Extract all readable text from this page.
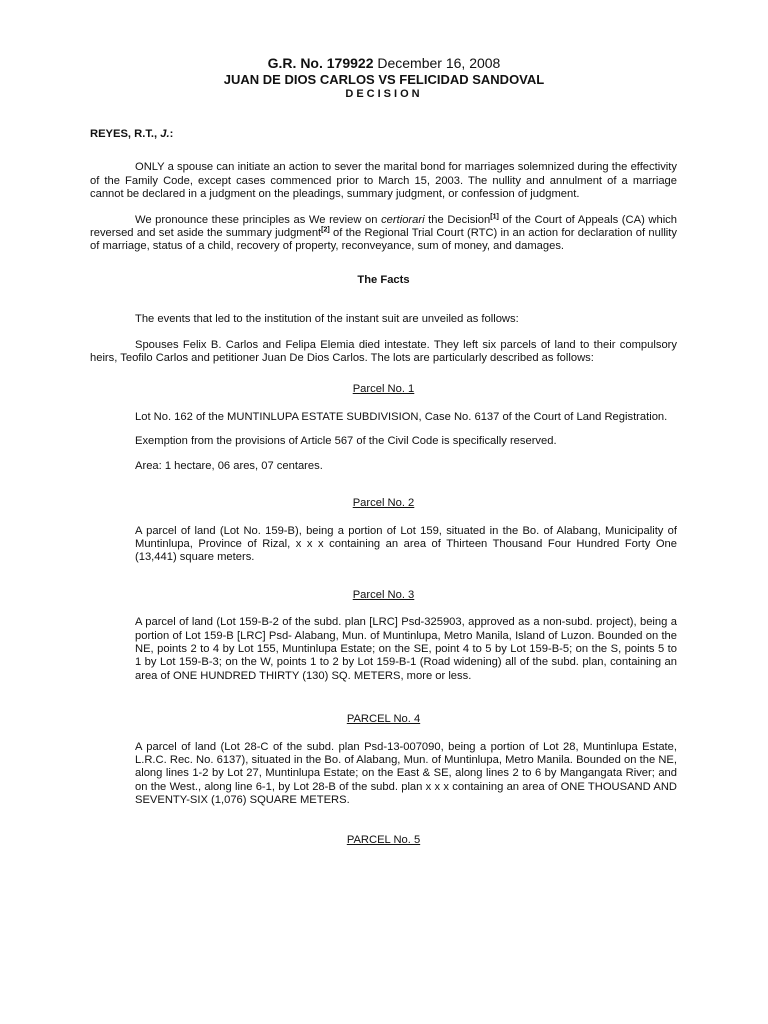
G.R. No. 179922 December 16, 2008

JUAN DE DIOS CARLOS VS FELICIDAD SANDOVAL

DECISION

REYES, R.T., J.:

ONLY a spouse can initiate an action to sever the marital bond for marriages solemnized during the effectivity of the Family Code, except cases commenced prior to March 15, 2003. The nullity and annulment of a marriage cannot be declared in a judgment on the pleadings, summary judgment, or confession of judgment.

We pronounce these principles as We review on certiorari the Decision[1] of the Court of Appeals (CA) which reversed and set aside the summary judgment[2] of the Regional Trial Court (RTC) in an action for declaration of nullity of marriage, status of a child, recovery of property, reconveyance, sum of money, and damages.

The Facts

The events that led to the institution of the instant suit are unveiled as follows:

Spouses Felix B. Carlos and Felipa Elemia died intestate. They left six parcels of land to their compulsory heirs, Teofilo Carlos and petitioner Juan De Dios Carlos. The lots are particularly described as follows:

Parcel No. 1

Lot No. 162 of the MUNTINLUPA ESTATE SUBDIVISION, Case No. 6137 of the Court of Land Registration.

Exemption from the provisions of Article 567 of the Civil Code is specifically reserved.

Area: 1 hectare, 06 ares, 07 centares.

Parcel No. 2

A parcel of land (Lot No. 159-B), being a portion of Lot 159, situated in the Bo. of Alabang, Municipality of Muntinlupa, Province of Rizal, x x x containing an area of Thirteen Thousand Four Hundred Forty One (13,441) square meters.

Parcel No. 3

A parcel of land (Lot 159-B-2 of the subd. plan [LRC] Psd-325903, approved as a non-subd. project), being a portion of Lot 159-B [LRC] Psd- Alabang, Mun. of Muntinlupa, Metro Manila, Island of Luzon. Bounded on the NE, points 2 to 4 by Lot 155, Muntinlupa Estate; on the SE, point 4 to 5 by Lot 159-B-5; on the S, points 5 to 1 by Lot 159-B-3; on the W, points 1 to 2 by Lot 159-B-1 (Road widening) all of the subd. plan, containing an area of ONE HUNDRED THIRTY (130) SQ. METERS, more or less.

PARCEL No. 4

A parcel of land (Lot 28-C of the subd. plan Psd-13-007090, being a portion of Lot 28, Muntinlupa Estate, L.R.C. Rec. No. 6137), situated in the Bo. of Alabang, Mun. of Muntinlupa, Metro Manila. Bounded on the NE, along lines 1-2 by Lot 27, Muntinlupa Estate; on the East & SE, along lines 2 to 6 by Mangangata River; and on the West., along line 6-1, by Lot 28-B of the subd. plan x x x containing an area of ONE THOUSAND AND SEVENTY-SIX (1,076) SQUARE METERS.

PARCEL No. 5
